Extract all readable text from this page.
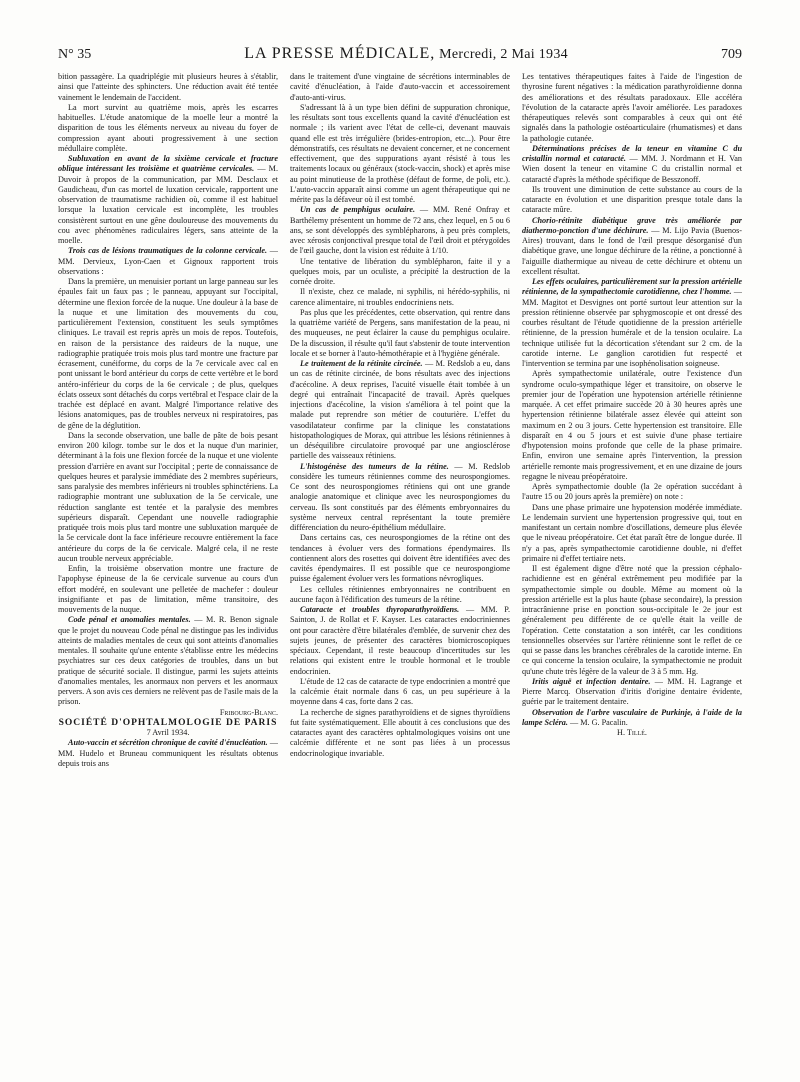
N° 35	LA PRESSE MÉDICALE, Mercredi, 2 Mai 1934	709

bition passagère. La quadriplégie mit plusieurs heures à s'établir, ainsi que l'atteinte des sphincters. Une réduction avait été tentée vainement le lendemain de l'accident.

La mort survint au quatrième mois, après les escarres habituelles. L'étude anatomique de la moelle leur a montré la disparition de tous les éléments nerveux au niveau du foyer de compression ayant abouti progressivement à une section médullaire complète.

Subluxation en avant de la sixième cervicale et fracture oblique intéressant les troisième et quatrième cervicales. — M. Duvoir à propos de la communication, par MM. Desclaux et Gaudicheau, d'un cas mortel de luxation cervicale, rapportent une observation de traumatisme rachidien où, comme il est habituel lorsque la luxation cervicale est incomplète, les troubles consistèrent surtout en une gêne douloureuse des mouvements du cou avec phénomènes radiculaires légers, sans atteinte de la moelle.

Trois cas de lésions traumatiques de la colonne cervicale. — MM. Dervieux, Lyon-Caen et Gignoux rapportent trois observations :

Dans la première, un menuisier portant un large panneau sur les épaules fait un faux pas ; le panneau, appuyant sur l'occipital, détermine une flexion forcée de la nuque. Une douleur à la base de la nuque et une limitation des mouvements du cou, particulièrement l'extension, constituent les seuls symptômes cliniques. Le travail est repris après un mois de repos. Toutefois, en raison de la persistance des raideurs de la nuque, une radiographie pratiquée trois mois plus tard montre une fracture par écrasement, cunéiforme, du corps de la 7e cervicale avec cal en pont unissant le bord antérieur du corps de cette vertèbre et le bord antéro-inférieur du corps de la 6e cervicale ; de plus, quelques éclats osseux sont détachés du corps vertébral et l'espace clair de la trachée est déplacé en avant. Malgré l'importance relative des lésions anatomiques, pas de troubles nerveux ni respiratoires, pas de gêne de la déglutition.

Dans la seconde observation, une balle de pâte de bois pesant environ 200 kilogr. tombe sur le dos et la nuque d'un marinier, déterminant à la fois une flexion forcée de la nuque et une violente pression d'arrière en avant sur l'occipital ; perte de connaissance de quelques heures et paralysie immédiate des 2 membres supérieurs, sans paralysie des membres inférieurs ni troubles sphinctériens. La radiographie montrant une subluxation de la 5e cervicale, une réduction sanglante est tentée et la paralysie des membres supérieurs disparaît. Cependant une nouvelle radiographie pratiquée trois mois plus tard montre une subluxation marquée de la 5e cervicale dont la face inférieure recouvre entièrement la face antérieure du corps de la 6e cervicale. Malgré cela, il ne reste aucun trouble nerveux appréciable.

Enfin, la troisième observation montre une fracture de l'apophyse épineuse de la 6e cervicale survenue au cours d'un effort modéré, en soulevant une pelletée de machefer : douleur insignifiante et pas de limitation, même transitoire, des mouvements de la nuque.

Code pénal et anomalies mentales. — M. R. Benon signale que le projet du nouveau Code pénal ne distingue pas les individus atteints de maladies mentales de ceux qui sont atteints d'anomalies mentales. Il souhaite qu'une entente s'établisse entre les médecins psychiatres sur ces deux catégories de troubles, dans un but pratique de sécurité sociale. Il distingue, parmi les sujets atteints d'anomalies mentales, les anormaux non pervers et les anormaux pervers. A son avis ces derniers ne relèvent pas de l'asile mais de la prison.

Fribourg-Blanc.

SOCIÉTÉ D'OPHTALMOLOGIE DE PARIS

7 Avril 1934.

Auto-vaccin et sécrétion chronique de cavité d'énucléation. — MM. Hudelo et Bruneau communiquent les résultats obtenus depuis trois ans

dans le traitement d'une vingtaine de sécrétions interminables de cavité d'énucléation, à l'aide d'auto-vaccin et accessoirement d'auto-anti-virus.

S'adressant là à un type bien défini de suppuration chronique, les résultats sont tous excellents quand la cavité d'énucléation est normale ; ils varient avec l'état de celle-ci, devenant mauvais quand elle est très irrégulière (brides-entropion, etc...). Pour être démonstratifs, ces résultats ne devaient concerner, et ne concernent effectivement, que des suppurations ayant résisté à tous les traitements locaux ou généraux (stock-vaccin, shock) et après mise au point minutieuse de la prothèse (défaut de forme, de poli, etc.). L'auto-vaccin apparaît ainsi comme un agent thérapeutique qui ne mérite pas la défaveur où il est tombé.

Un cas de pemphigus oculaire. — MM. René Onfray et Barthélemy présentent un homme de 72 ans, chez lequel, en 5 ou 6 ans, se sont développés des symblépharons, à peu près complets, avec xérosis conjonctival presque total de l'œil droit et ptérygoïdes de l'œil gauche, dont la vision est réduite à 1/10.

Une tentative de libération du symblépharon, faite il y a quelques mois, par un oculiste, a précipité la destruction de la cornée droite.

Il n'existe, chez ce malade, ni syphilis, ni hérédo-syphilis, ni carence alimentaire, ni troubles endocriniens nets.

Pas plus que les précédentes, cette observation, qui rentre dans la quatrième variété de Pergens, sans manifestation de la peau, ni des muqueuses, ne peut éclairer la cause du pemphigus oculaire. De la discussion, il résulte qu'il faut s'abstenir de toute intervention locale et se borner à l'auto-hémothérapie et à l'hygiène générale.

Le traitement de la rétinite circinée. — M. Redslob a eu, dans un cas de rétinite circinée, de bons résultats avec des injections d'acécoline. A deux reprises, l'acuité visuelle était tombée à un degré qui entraînait l'incapacité de travail. Après quelques injections d'acécoline, la vision s'améliora à tel point que la malade put reprendre son métier de couturière. L'effet du vasodilatateur confirme par la clinique les constatations histopathologiques de Morax, qui attribue les lésions rétiniennes à un déséquilibre circulatoire provoqué par une angiosclérose partielle des vaisseaux rétiniens.

L'histogénèse des tumeurs de la rétine. — M. Redslob considère les tumeurs rétiniennes comme des neurospongiomes. Ce sont des neurospongiomes rétiniens qui ont une grande analogie anatomique et clinique avec les neurospongiomes du cerveau. Ils sont constitués par des éléments embryonnaires du système nerveux central représentant la toute première différenciation du neuro-épithélium médullaire.

Dans certains cas, ces neurospongiomes de la rétine ont des tendances à évoluer vers des formations épendymaires. Ils contiennent alors des rosettes qui doivent être identifiées avec des cavités épendymaires. Il est possible que ce neurospongiome puisse également évoluer vers les formations névrogliques.

Les cellules rétiniennes embryonnaires ne contribuent en aucune façon à l'édification des tumeurs de la rétine.

Cataracte et troubles thyroparathyroïdiens. — MM. P. Sainton, J. de Rollat et F. Kayser. Les cataractes endocriniennes ont pour caractère d'être bilatérales d'emblée, de survenir chez des sujets jeunes, de présenter des caractères biomicroscopiques spéciaux. Cependant, il reste beaucoup d'incertitudes sur les relations qui existent entre le trouble hormonal et le trouble endocrinien.

L'étude de 12 cas de cataracte de type endocrinien a montré que la calcémie était normale dans 6 cas, un peu supérieure à la moyenne dans 4 cas, forte dans 2 cas.

La recherche de signes parathyroïdiens et de signes thyroïdiens fut faite systématiquement. Elle aboutit à ces conclusions que des cataractes ayant des caractères ophtalmologiques voisins ont une calcémie différente et ne sont pas liées à un processus endocrinologique invariable.

Les tentatives thérapeutiques faites à l'aide de l'ingestion de thyrosine furent négatives : la médication parathyroïdienne donna des améliorations et des résultats paradoxaux. Elle accéléra l'évolution de la cataracte après l'avoir améliorée. Les paradoxes thérapeutiques relevés sont comparables à ceux qui ont été signalés dans la pathologie ostéoarticulaire (rhumatismes) et dans la pathologie cutanée.

Déterminations précises de la teneur en vitamine C du cristallin normal et cataracté. — MM. J. Nordmann et H. Van Wien dosent la teneur en vitamine C du cristallin normal et cataracté d'après la méthode spécifique de Besszonoff.

Ils trouvent une diminution de cette substance au cours de la cataracte en évolution et une disparition presque totale dans la cataracte mûre.

Chorio-rétinite diabétique grave très améliorée par diathermo-ponction d'une déchirure. — M. Lijo Pavia (Buenos-Aires) trouvant, dans le fond de l'œil presque désorganisé d'un diabétique grave, une longue déchirure de la rétine, a ponctionné à l'aiguille diathermique au niveau de cette déchirure et obtenu un excellent résultat.

Les effets oculaires, particulièrement sur la pression artérielle rétinienne, de la sympathectomie carotidienne, chez l'homme. — MM. Magitot et Desvignes ont porté surtout leur attention sur la pression rétinienne observée par sphygmoscopie et ont dressé des courbes résultant de l'étude quotidienne de la pression artérielle rétinienne, de la pression humérale et de la tension oculaire. La technique utilisée fut la décortication s'étendant sur 2 cm. de la carotide interne. Le ganglion carotidien fut respecté et l'intervention se termina par une isophénolisation soigneuse.

Après sympathectomie unilatérale, outre l'existence d'un syndrome oculo-sympathique léger et transitoire, on observe le premier jour de l'opération une hypotension artérielle rétinienne marquée. A cet effet primaire succède 20 à 30 heures après une hypertension rétinienne bilatérale assez élevée qui atteint son maximum en 2 ou 3 jours. Cette hypertension est transitoire. Elle disparaît en 4 ou 5 jours et est suivie d'une phase tertiaire d'hypotension moins profonde que celle de la phase primaire. Enfin, environ une semaine après l'intervention, la pression artérielle remonte mais progressivement, et en une dizaine de jours regagne le niveau préopératoire.

Après sympathectomie double (la 2e opération succédant à l'autre 15 ou 20 jours après la première) on note :

Dans une phase primaire une hypotension modérée immédiate. Le lendemain survient une hypertension progressive qui, tout en manifestant un certain nombre d'oscillations, demeure plus élevée que le niveau préopératoire. Cet état paraît être de longue durée. Il n'y a pas, après sympathectomie carotidienne double, ni d'effet primaire ni d'effet tertiaire nets.

Il est également digne d'être noté que la pression céphalo-rachidienne est en général extrêmement peu modifiée par la sympathectomie simple ou double. Même au moment où la pression artérielle est la plus haute (phase secondaire), la pression intracrânienne prise en ponction sous-occipitale le 2e jour est généralement peu différente de ce qu'elle était la veille de l'opération. Cette constatation a son intérêt, car les conditions tensionnelles observées sur l'artère rétinienne sont le reflet de ce qui se passe dans les branches cérébrales de la carotide interne. En ce qui concerne la tension oculaire, la sympathectomie ne produit qu'une chute très légère de la valeur de 3 à 5 mm. Hg.

Iritis aiguë et infection dentaire. — MM. H. Lagrange et Pierre Marcq. Observation d'iritis d'origine dentaire évidente, guérie par le traitement dentaire.

Observation de l'arbre vasculaire de Purkinje, à l'aide de la lampe Scléra. — M. G. Pacalin.

H. Tillé.
